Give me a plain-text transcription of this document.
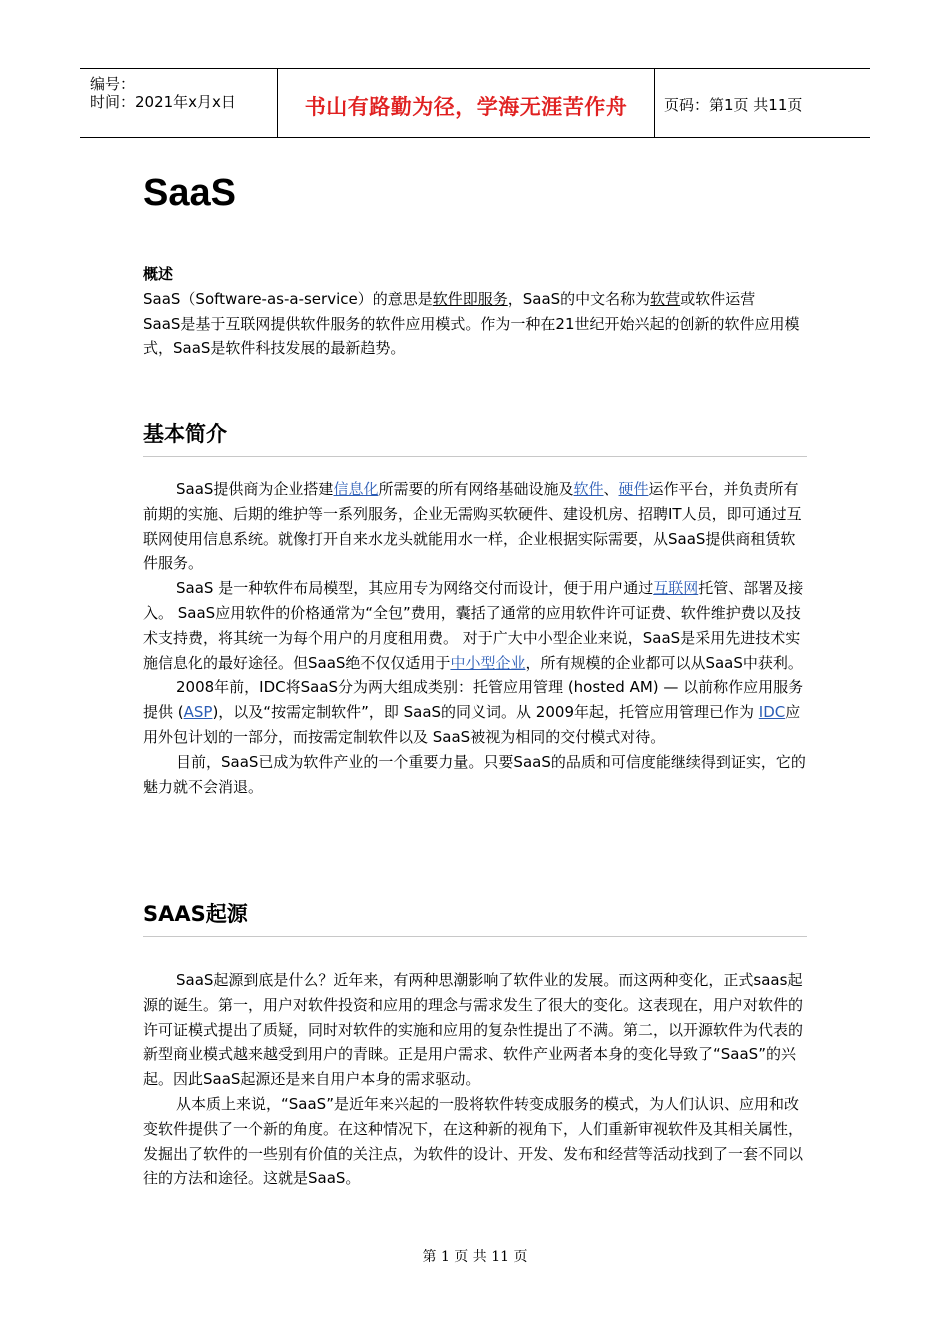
编号：
时间：2021年x月x日	书山有路勤为径，学海无涯苦作舟	页码：第1页 共11页
SaaS

概述

SaaS（Software-as-a-service）的意思是软件即服务，SaaS的中文名称为软营或软件运营

SaaS是基于互联网提供软件服务的软件应用模式。作为一种在21世纪开始兴起的创新的软件应用模式，SaaS是软件科技发展的最新趋势。

基本简介

SaaS提供商为企业搭建信息化所需要的所有网络基础设施及软件、硬件运作平台，并负责所有前期的实施、后期的维护等一系列服务，企业无需购买软硬件、建设机房、招聘IT人员，即可通过互联网使用信息系统。就像打开自来水龙头就能用水一样，企业根据实际需要，从SaaS提供商租赁软件服务。

SaaS 是一种软件布局模型，其应用专为网络交付而设计，便于用户通过互联网托管、部署及接入。 SaaS应用软件的价格通常为“全包”费用，囊括了通常的应用软件许可证费、软件维护费以及技术支持费，将其统一为每个用户的月度租用费。 对于广大中小型企业来说，SaaS是采用先进技术实施信息化的最好途径。但SaaS绝不仅仅适用于中小型企业，所有规模的企业都可以从SaaS中获利。

2008年前，IDC将SaaS分为两大组成类别：托管应用管理 (hosted AM) — 以前称作应用服务提供 (ASP)，以及“按需定制软件”，即 SaaS的同义词。从 2009年起，托管应用管理已作为 IDC应用外包计划的一部分，而按需定制软件以及 SaaS被视为相同的交付模式对待。

目前，SaaS已成为软件产业的一个重要力量。只要SaaS的品质和可信度能继续得到证实，它的魅力就不会消退。

SAAS起源

SaaS起源到底是什么？近年来，有两种思潮影响了软件业的发展。而这两种变化，正式saas起源的诞生。第一，用户对软件投资和应用的理念与需求发生了很大的变化。这表现在，用户对软件的许可证模式提出了质疑，同时对软件的实施和应用的复杂性提出了不满。第二，以开源软件为代表的新型商业模式越来越受到用户的青睐。正是用户需求、软件产业两者本身的变化导致了“SaaS”的兴起。因此SaaS起源还是来自用户本身的需求驱动。

从本质上来说，“SaaS”是近年来兴起的一股将软件转变成服务的模式，为人们认识、应用和改变软件提供了一个新的角度。在这种情况下，在这种新的视角下，人们重新审视软件及其相关属性，发掘出了软件的一些别有价值的关注点，为软件的设计、开发、发布和经营等活动找到了一套不同以往的方法和途径。这就是SaaS。

第 1 页 共 11 页
